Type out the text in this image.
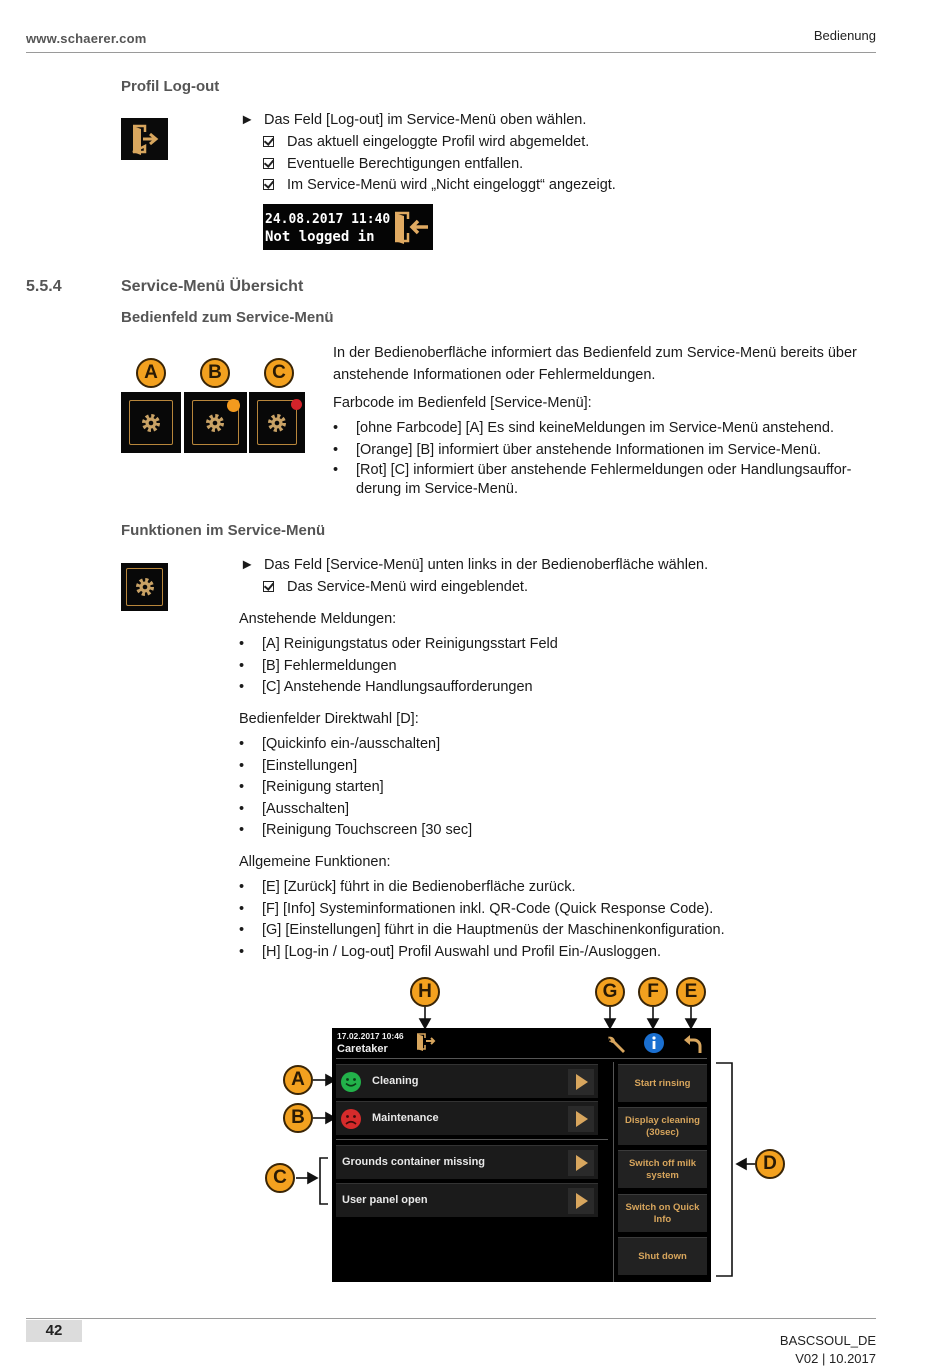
www.schaerer.com	Bedienung
Profil Log-out
► Das Feld [Log-out] im Service-Menü oben wählen.
Das aktuell eingeloggte Profil wird abgemeldet.
Eventuelle Berechtigungen entfallen.
Im Service-Menü wird „Nicht eingeloggt“ angezeigt.
24.08.2017 11:40
Not logged in
5.5.4	Service-Menü Übersicht
Bedienfeld zum Service-Menü
A	B	C
In der Bedienoberfläche informiert das Bedienfeld zum Service-Menü bereits über anstehende Informationen oder Fehlermeldungen.
Farbcode im Bedienfeld [Service-Menü]:
• [ohne Farbcode] [A] Es sind keineMeldungen im Service-Menü anstehend.
• [Orange] [B] informiert über anstehende Informationen im Service-Menü.
• [Rot] [C] informiert über anstehende Fehlermeldungen oder Handlungsauffor-derung im Service-Menü.
Funktionen im Service-Menü
► Das Feld [Service-Menü] unten links in der Bedienoberfläche wählen.
Das Service-Menü wird eingeblendet.
Anstehende Meldungen:
• [A] Reinigungstatus oder Reinigungsstart Feld
• [B] Fehlermeldungen
• [C] Anstehende Handlungsaufforderungen
Bedienfelder Direktwahl [D]:
• [Quickinfo ein-/ausschalten]
• [Einstellungen]
• [Reinigung starten]
• [Ausschalten]
• [Reinigung Touchscreen [30 sec]
Allgemeine Funktionen:
• [E] [Zurück] führt in die Bedienoberfläche zurück.
• [F] [Info] Systeminformationen inkl. QR-Code (Quick Response Code).
• [G] [Einstellungen] führt in die Hauptmenüs der Maschinenkonfiguration.
• [H] [Log-in / Log-out] Profil Auswahl und Profil Ein-/Ausloggen.
H	G	F	E
A
B
C
D
17.02.2017 10:46
Caretaker
Cleaning
Maintenance
Grounds container missing
User panel open
Start rinsing
Display cleaning (30sec)
Switch off milk system
Switch on Quick Info
Shut down
42
BASCSOUL_DE
V02 | 10.2017
